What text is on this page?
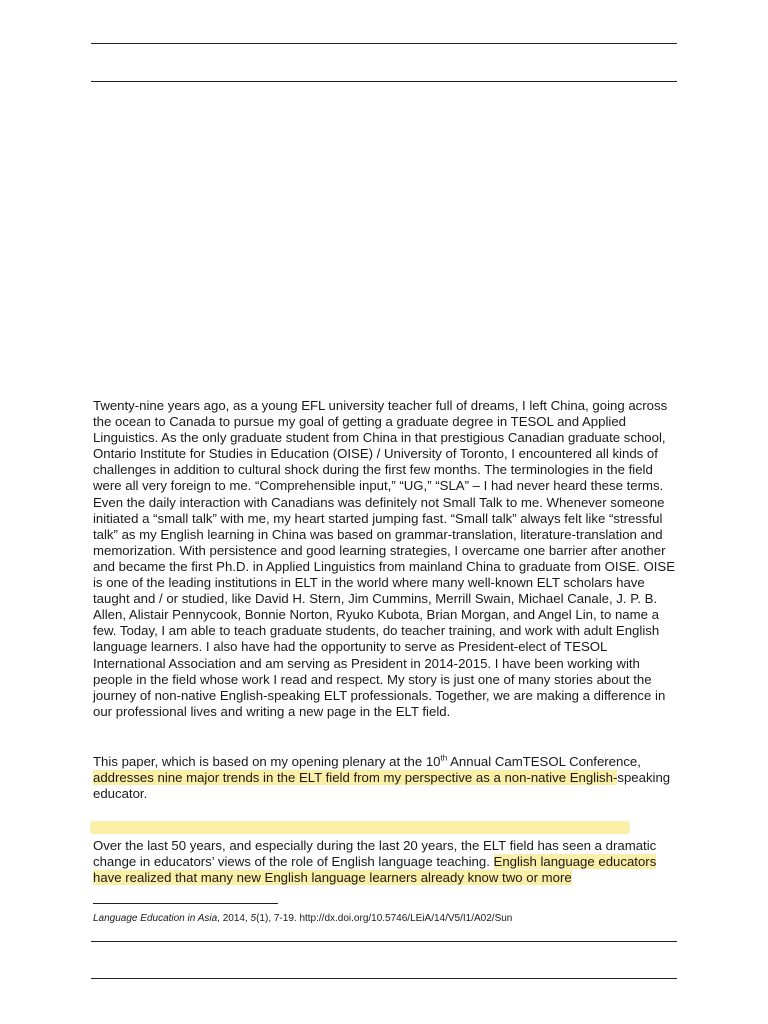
Twenty-nine years ago, as a young EFL university teacher full of dreams, I left China, going across the ocean to Canada to pursue my goal of getting a graduate degree in TESOL and Applied Linguistics. As the only graduate student from China in that prestigious Canadian graduate school, Ontario Institute for Studies in Education (OISE) / University of Toronto, I encountered all kinds of challenges in addition to cultural shock during the first few months. The terminologies in the field were all very foreign to me. “Comprehensible input,” “UG,” “SLA” – I had never heard these terms. Even the daily interaction with Canadians was definitely not Small Talk to me. Whenever someone initiated a “small talk” with me, my heart started jumping fast. “Small talk” always felt like “stressful talk” as my English learning in China was based on grammar-translation, literature-translation and memorization. With persistence and good learning strategies, I overcame one barrier after another and became the first Ph.D. in Applied Linguistics from mainland China to graduate from OISE. OISE is one of the leading institutions in ELT in the world where many well-known ELT scholars have taught and / or studied, like David H. Stern, Jim Cummins, Merrill Swain, Michael Canale, J. P. B. Allen, Alistair Pennycook, Bonnie Norton, Ryuko Kubota, Brian Morgan, and Angel Lin, to name a few. Today, I am able to teach graduate students, do teacher training, and work with adult English language learners. I also have had the opportunity to serve as President-elect of TESOL International Association and am serving as President in 2014-2015. I have been working with people in the field whose work I read and respect. My story is just one of many stories about the journey of non-native English-speaking ELT professionals. Together, we are making a difference in our professional lives and writing a new page in the ELT field.

This paper, which is based on my opening plenary at the 10th Annual CamTESOL Conference, addresses nine major trends in the ELT field from my perspective as a non-native English-speaking educator.

Over the last 50 years, and especially during the last 20 years, the ELT field has seen a dramatic change in educators’ views of the role of English language teaching. English language educators have realized that many new English language learners already know two or more

Language Education in Asia, 2014, 5(1), 7-19. http://dx.doi.org/10.5746/LEiA/14/V5/I1/A02/Sun
